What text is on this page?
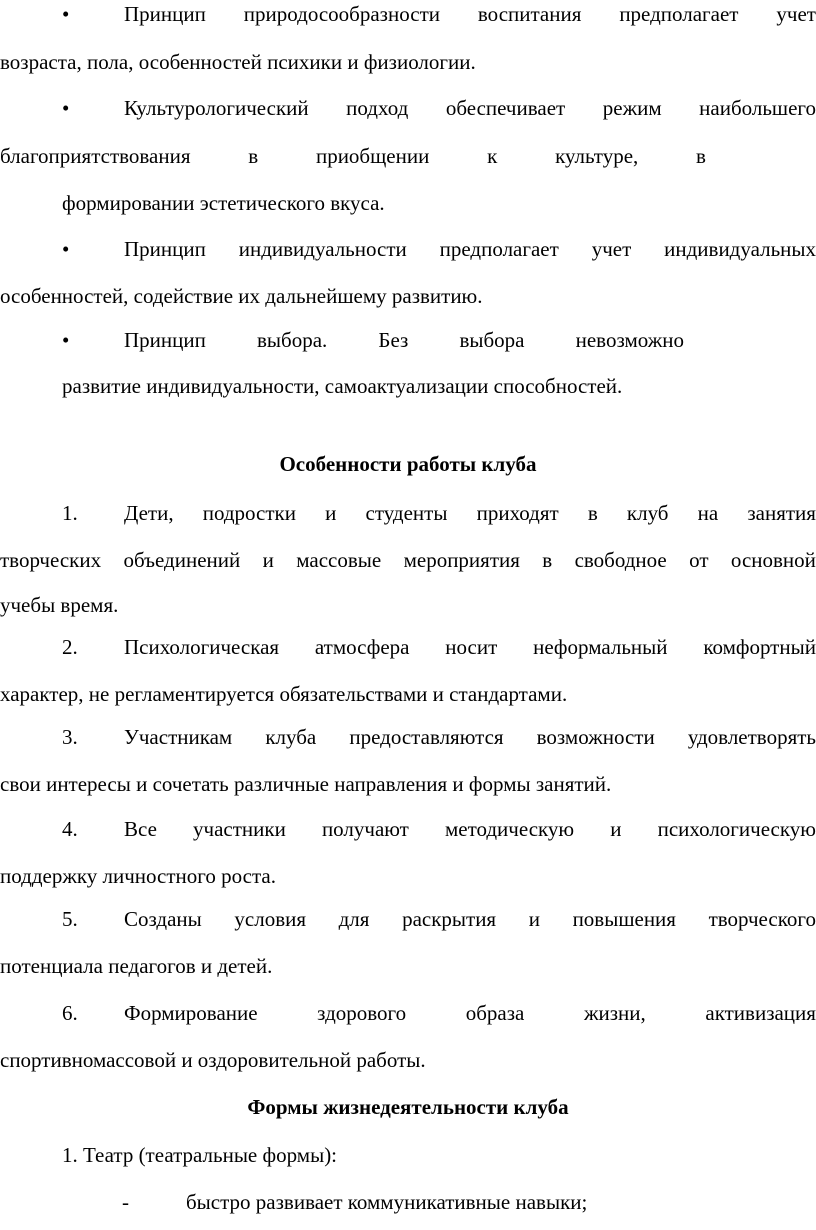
•	Принцип природосообразности воспитания предполагает учет
возраста, пола, особенностей психики и физиологии.
•	Культурологический подход обеспечивает режим наибольшего
благоприятствования	в	приобщении	к	культуре,	в
формировании эстетического вкуса.
•	Принцип индивидуальности предполагает учет индивидуальных
особенностей, содействие их дальнейшему развитию.
•	Принцип выбора. Без выбора невозможно
развитие индивидуальности, самоактуализации способностей.
Особенности работы клуба
1. Дети, подростки и студенты приходят в клуб на занятия
творческих объединений и массовые мероприятия в свободное от основной
учебы время.
2. Психологическая атмосфера носит неформальный комфортный
характер, не регламентируется обязательствами и стандартами.
3. Участникам клуба предоставляются возможности удовлетворять
свои интересы и сочетать различные направления и формы занятий.
4. Все участники получают методическую и психологическую
поддержку личностного роста.
5. Созданы условия для раскрытия и повышения творческого
потенциала педагогов и детей.
6. Формирование	здорового	образа	жизни,	активизация
спортивномассовой и оздоровительной работы.
Формы жизнедеятельности клуба
1. Театр (театральные формы):
-	быстро развивает коммуникативные навыки;
